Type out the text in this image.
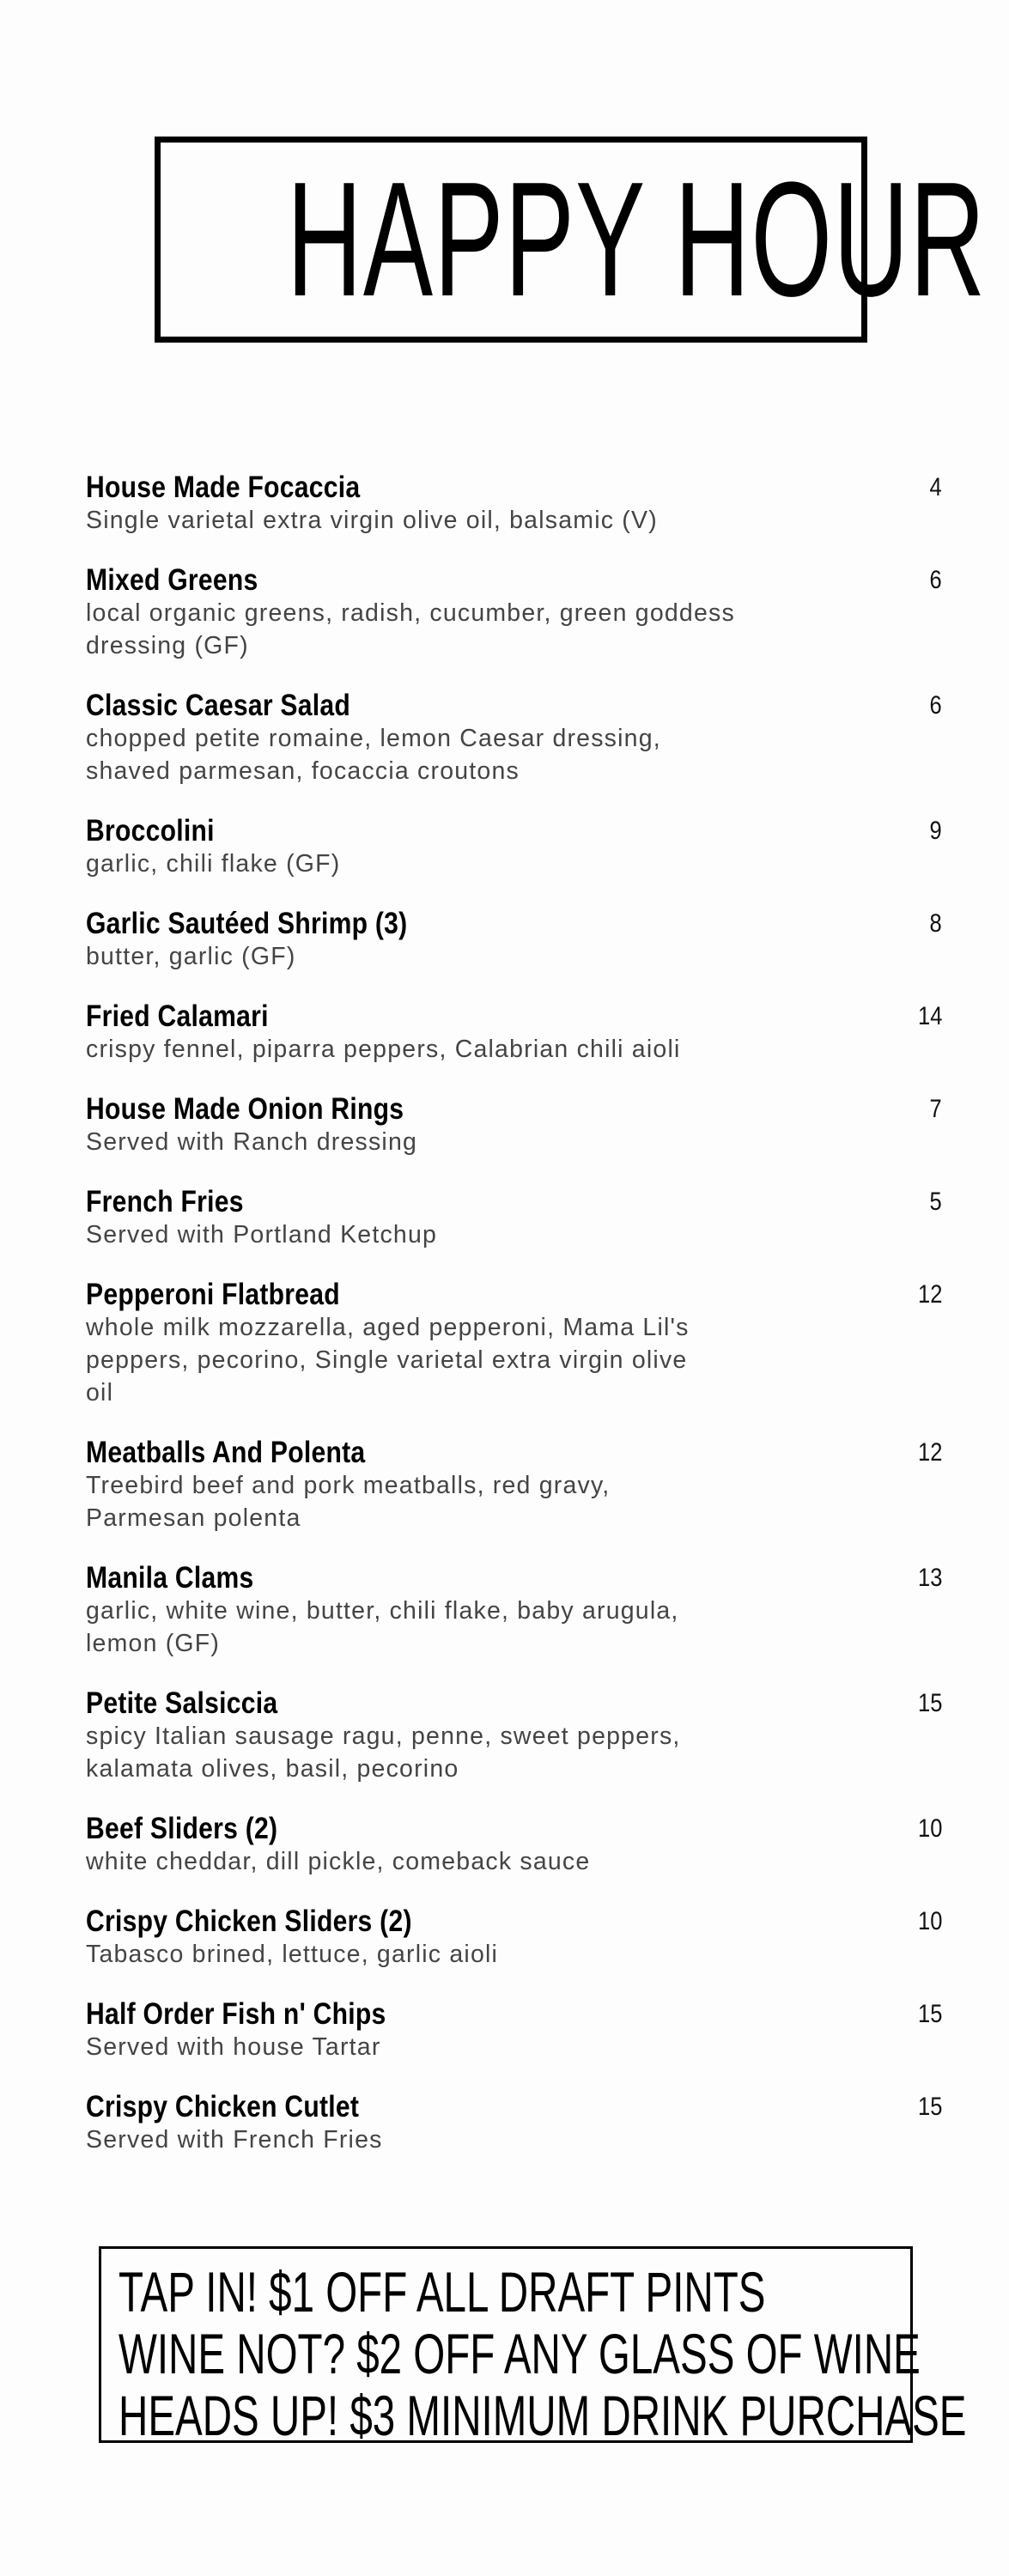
HAPPY HOUR
House Made Focaccia	4
Single varietal extra virgin olive oil, balsamic (V)
Mixed Greens	6
local organic greens, radish, cucumber, green goddess
dressing (GF)
Classic Caesar Salad	6
chopped petite romaine, lemon Caesar dressing,
shaved parmesan, focaccia croutons
Broccolini	9
garlic, chili flake (GF)
Garlic Sautéed Shrimp (3)	8
butter, garlic (GF)
Fried Calamari	14
crispy fennel, piparra peppers, Calabrian chili aioli
House Made Onion Rings	7
Served with Ranch dressing
French Fries	5
Served with Portland Ketchup
Pepperoni Flatbread	12
whole milk mozzarella, aged pepperoni, Mama Lil's
peppers, pecorino, Single varietal extra virgin olive
oil
Meatballs And Polenta	12
Treebird beef and pork meatballs, red gravy,
Parmesan polenta
Manila Clams	13
garlic, white wine, butter, chili flake, baby arugula,
lemon (GF)
Petite Salsiccia	15
spicy Italian sausage ragu, penne, sweet peppers,
kalamata olives, basil, pecorino
Beef Sliders (2)	10
white cheddar, dill pickle, comeback sauce
Crispy Chicken Sliders (2)	10
Tabasco brined, lettuce, garlic aioli
Half Order Fish n' Chips	15
Served with house Tartar
Crispy Chicken Cutlet	15
Served with French Fries
TAP IN! $1 OFF ALL DRAFT PINTS
WINE NOT? $2 OFF ANY GLASS OF WINE
HEADS UP! $3 MINIMUM DRINK PURCHASE
